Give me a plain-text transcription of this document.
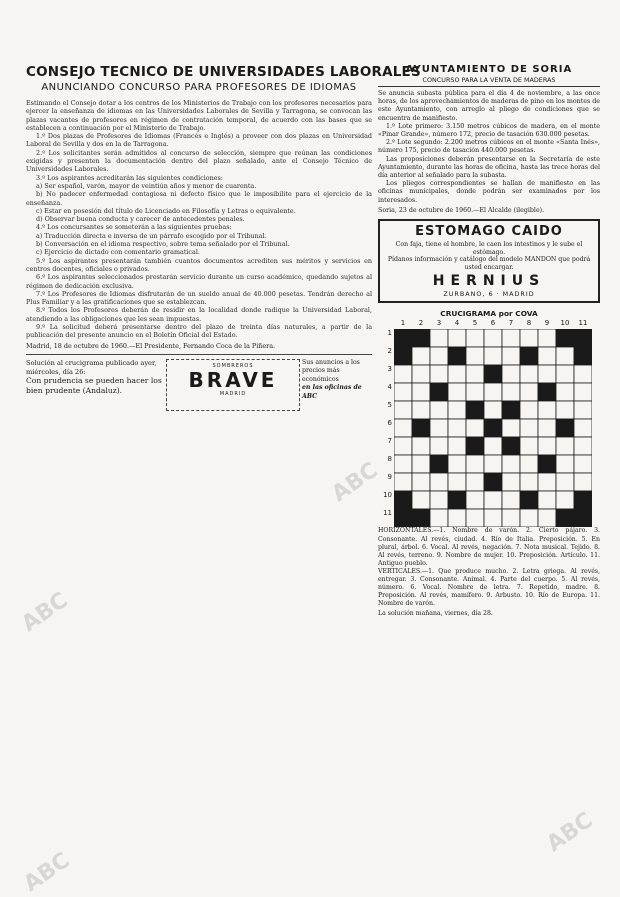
CONSEJO TECNICO DE UNIVERSIDADES LABORALES
ANUNCIANDO CONCURSO PARA PROFESORES DE IDIOMAS

Estimando el Consejo dotar a los centros de los Ministerios de Trabajo con los profesores necesarios para ejercer la enseñanza de idiomas en las Universidades Laborales de Sevilla y Tarragona, se convocan las plazas vacantes de profesores en régimen de contratación temporal, de acuerdo con las bases que se establecen a continuación por el Ministerio de Trabajo.

1.º Dos plazas de Profesores de Idiomas (Francés e Inglés) a proveer con dos plazas en Universidad Laboral de Sevilla y dos en la de Tarragona.

2.º Los solicitantes serán admitidos al concurso de selección, siempre que reúnan las condiciones exigidas y presenten la documentación dentro del plazo señalado, ante el Consejo Técnico de Universidades Laborales.

3.º Los aspirantes acreditarán las siguientes condiciones:

a) Ser español, varón, mayor de veintiún años y menor de cuarenta.

b) No padecer enfermedad contagiosa ni defecto físico que le imposibilite para el ejercicio de la enseñanza.

c) Estar en posesión del título de Licenciado en Filosofía y Letras o equivalente.

d) Observar buena conducta y carecer de antecedentes penales.

4.º Los concursantes se someterán a las siguientes pruebas:

a) Traducción directa e inversa de un párrafo escogido por el Tribunal.

b) Conversación en el idioma respectivo, sobre tema señalado por el Tribunal.

c) Ejercicio de dictado con comentario gramatical.

5.º Los aspirantes presentarán también cuantos documentos acrediten sus méritos y servicios en centros docentes, oficiales o privados.

6.º Los aspirantes seleccionados prestarán servicio durante un curso académico, quedando sujetos al régimen de dedicación exclusiva.

7.º Los Profesores de Idiomas disfrutarán de un sueldo anual de 40.000 pesetas. Tendrán derecho al Plus Familiar y a las gratificaciones que se establezcan.

8.º Todos los Profesores deberán de residir en la localidad donde radique la Universidad Laboral, atendiendo a las obligaciones que les sean impuestas.

9.º La solicitud deberá presentarse dentro del plazo de treinta días naturales, a partir de la publicación del presente anuncio en el Boletín Oficial del Estado.

Madrid, 18 de octubre de 1960.—El Presidente, Fernando Coca de la Piñera.
Solución al crucigrama publicado ayer, miércoles, día 26:
Con prudencia se pueden hacer los bien prudente (Andaluz).
SOMBREROS
BRAVE
MADRID
Sus anuncios a los precios más económicos
en las oficinas de ABC
AYUNTAMIENTO DE SORIA
CONCURSO PARA LA VENTA DE MADERAS

Se anuncia subasta pública para el día 4 de noviembre, a las once horas, de los aprovechamientos de maderas de pino en los montes de este Ayuntamiento, con arreglo al pliego de condiciones que se encuentra de manifiesto.

1.º Lote primero: 3.150 metros cúbicos de madera, en el monte «Pinar Grande», número 172, precio de tasación 630.000 pesetas.

2.º Lote segundo: 2.200 metros cúbicos en el monte «Santa Inés», número 175, precio de tasación 440.000 pesetas.

Las proposiciones deberán presentarse en la Secretaría de este Ayuntamiento, durante las horas de oficina, hasta las trece horas del día anterior al señalado para la subasta.

Los pliegos correspondientes se hallan de manifiesto en las oficinas municipales, donde podrán ser examinados por los interesados.

Soria, 23 de octubre de 1960.—El Alcalde (ilegible).
ESTOMAGO CAIDO

Con faja, tiene el hombre, le caen los intestinos y le sube el estómago.

Pídanos información y catálogo del modelo MANDON que podrá usted encargar.

HERNIUS
ZURBANO, 6 · MADRID
CRUCIGRAMA por COVA
1	2	3	4	5	6	7	8	9	10	11
1
2
3
4
5
6
7
8
9
10
11

HORIZONTALES.—1. Nombre de varón. 2. Cierto pájaro. 3. Consonante. Al revés, ciudad. 4. Río de Italia. Preposición. 5. En plural, árbol. 6. Vocal. Al revés, negación. 7. Nota musical. Tejido. 8. Al revés, terreno. 9. Nombre de mujer. 10. Preposición. Artículo. 11. Antiguo pueblo.

VERTICALES.—1. Que produce mucho. 2. Letra griega. Al revés, entregar. 3. Consonante. Animal. 4. Parte del cuerpo. 5. Al revés, número. 6. Vocal. Nombre de letra. 7. Repetido, madre. 8. Preposición. Al revés, mamífero. 9. Arbusto. 10. Río de Europa. 11. Nombre de varón.

La solución mañana, viernes, día 28.

ABC
ABC
ABC
ABC
